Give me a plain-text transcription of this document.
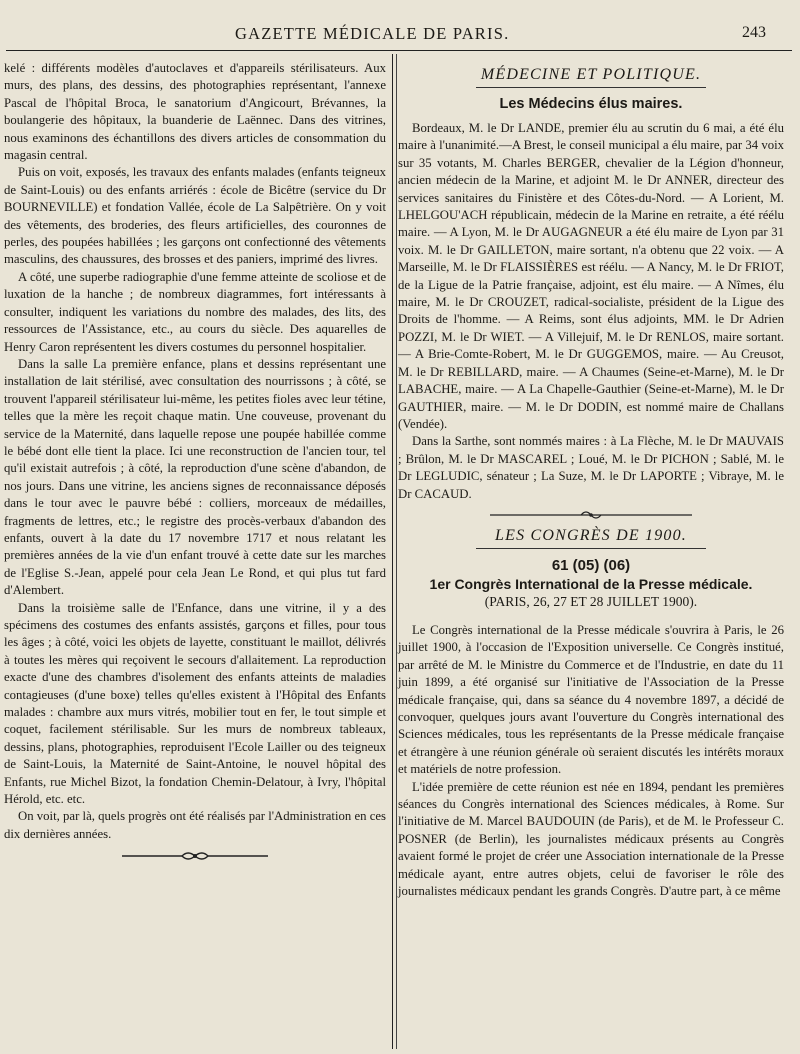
GAZETTE MÉDICALE DE PARIS.	243

kelé : différents modèles d'autoclaves et d'appareils stérilisateurs. Aux murs, des plans, des dessins, des photographies représentant, l'annexe Pascal de l'hôpital Broca, le sanatorium d'Angicourt, Brévannes, la boulangerie des hôpitaux, la buanderie de Laënnec. Dans des vitrines, nous examinons des échantillons des divers articles de consommation du magasin central.

Puis on voit, exposés, les travaux des enfants malades (enfants teigneux de Saint-Louis) ou des enfants arriérés : école de Bicêtre (service du Dr BOURNEVILLE) et fondation Vallée, école de La Salpêtrière. On y voit des vêtements, des broderies, des fleurs artificielles, des couronnes de perles, des poupées habillées ; les garçons ont confectionné des vêtements masculins, des chaussures, des brosses et des paniers, imprimé des livres.

A côté, une superbe radiographie d'une femme atteinte de scoliose et de luxation de la hanche ; de nombreux diagrammes, fort intéressants à consulter, indiquent les variations du nombre des malades, des lits, des ressources de l'Assistance, etc., au cours du siècle. Des aquarelles de Henry Caron représentent les divers costumes du personnel hospitalier.

Dans la salle La première enfance, plans et dessins représentant une installation de lait stérilisé, avec consultation des nourrissons ; à côté, se trouvent l'appareil stérilisateur lui-même, les petites fioles avec leur tétine, telles que la mère les reçoit chaque matin. Une couveuse, provenant du service de la Maternité, dans laquelle repose une poupée habillée comme le bébé dont elle tient la place. Ici une reconstruction de l'ancien tour, tel qu'il existait autrefois ; à côté, la reproduction d'une scène d'abandon, de nos jours. Dans une vitrine, les anciens signes de reconnaissance déposés dans le tour avec le pauvre bébé : colliers, morceaux de médailles, fragments de lettres, etc.; le registre des procès-verbaux d'abandon des enfants, ouvert à la date du 17 novembre 1717 et nous relatant les premières années de la vie d'un enfant trouvé à cette date sur les marches de l'Eglise S.-Jean, appelé pour cela Jean Le Rond, et qui plus tut fard d'Alembert.

Dans la troisième salle de l'Enfance, dans une vitrine, il y a des spécimens des costumes des enfants assistés, garçons et filles, pour tous les âges ; à côté, voici les objets de layette, constituant le maillot, délivrés à toutes les mères qui reçoivent le secours d'allaitement. La reproduction exacte d'une des chambres d'isolement des enfants atteints de maladies contagieuses (d'une boxe) telles qu'elles existent à l'Hôpital des Enfants malades : chambre aux murs vitrés, mobilier tout en fer, le tout simple et coquet, facilement stérilisable. Sur les murs de nombreux tableaux, dessins, plans, photographies, reproduisent l'Ecole Lailler ou des teigneux de Saint-Louis, la Maternité de Saint-Antoine, le nouvel hôpital des Enfants, rue Michel Bizot, la fondation Chemin-Delatour, à Ivry, l'hôpital Hérold, etc. etc.

On voit, par là, quels progrès ont été réalisés par l'Administration en ces dix dernières années.

MÉDECINE ET POLITIQUE.
Les Médecins élus maires.

Bordeaux, M. le Dr LANDE, premier élu au scrutin du 6 mai, a été élu maire à l'unanimité.—A Brest, le conseil municipal a élu maire, par 34 voix sur 35 votants, M. Charles BERGER, chevalier de la Légion d'honneur, ancien médecin de la Marine, et adjoint M. le Dr ANNER, directeur des services sanitaires du Finistère et des Côtes-du-Nord. — A Lorient, M. LHELGOU'ACH républicain, médecin de la Marine en retraite, a été réélu maire. — A Lyon, M. le Dr AUGAGNEUR a été élu maire de Lyon par 31 voix. M. le Dr GAILLETON, maire sortant, n'a obtenu que 22 voix. — A Marseille, M. le Dr FLAISSIÈRES est réélu. — A Nancy, M. le Dr FRIOT, de la Ligue de la Patrie française, adjoint, est élu maire. — A Nîmes, élu maire, M. le Dr CROUZET, radical-socialiste, président de la Ligue des Droits de l'homme. — A Reims, sont élus adjoints, MM. le Dr Adrien POZZI, M. le Dr WIET. — A Villejuif, M. le Dr RENLOS, maire sortant. — A Brie-Comte-Robert, M. le Dr GUGGEMOS, maire. — Au Creusot, M. le Dr REBILLARD, maire. — A Chaumes (Seine-et-Marne), M. le Dr LABACHE, maire. — A La Chapelle-Gauthier (Seine-et-Marne), M. le Dr GAUTHIER, maire. — M. le Dr DODIN, est nommé maire de Challans (Vendée).

Dans la Sarthe, sont nommés maires : à La Flèche, M. le Dr MAUVAIS ; Brûlon, M. le Dr MASCAREL ; Loué, M. le Dr PICHON ; Sablé, M. le Dr LEGLUDIC, sénateur ; La Suze, M. le Dr LAPORTE ; Vibraye, M. le Dr CACAUD.

LES CONGRÈS DE 1900.
61 (05) (06)
1er Congrès International de la Presse médicale.
(PARIS, 26, 27 ET 28 JUILLET 1900).

Le Congrès international de la Presse médicale s'ouvrira à Paris, le 26 juillet 1900, à l'occasion de l'Exposition universelle. Ce Congrès institué, par arrêté de M. le Ministre du Commerce et de l'Industrie, en date du 11 juin 1899, a été organisé sur l'initiative de l'Association de la Presse médicale française, qui, dans sa séance du 4 novembre 1897, a décidé de convoquer, quelques jours avant l'ouverture du Congrès international des Sciences médicales, tous les représentants de la Presse médicale française et étrangère à une réunion générale où seraient discutés les intérêts moraux et matériels de notre profession.

L'idée première de cette réunion est née en 1894, pendant les premières séances du Congrès international des Sciences médicales, à Rome. Sur l'initiative de M. Marcel BAUDOUIN (de Paris), et de M. le Professeur C. POSNER (de Berlin), les journalistes médicaux présents au Congrès avaient formé le projet de créer une Association internationale de la Presse médicale ayant, entre autres objets, celui de favoriser le rôle des journalistes médicaux pendant les grands Congrès. D'autre part, à ce même
